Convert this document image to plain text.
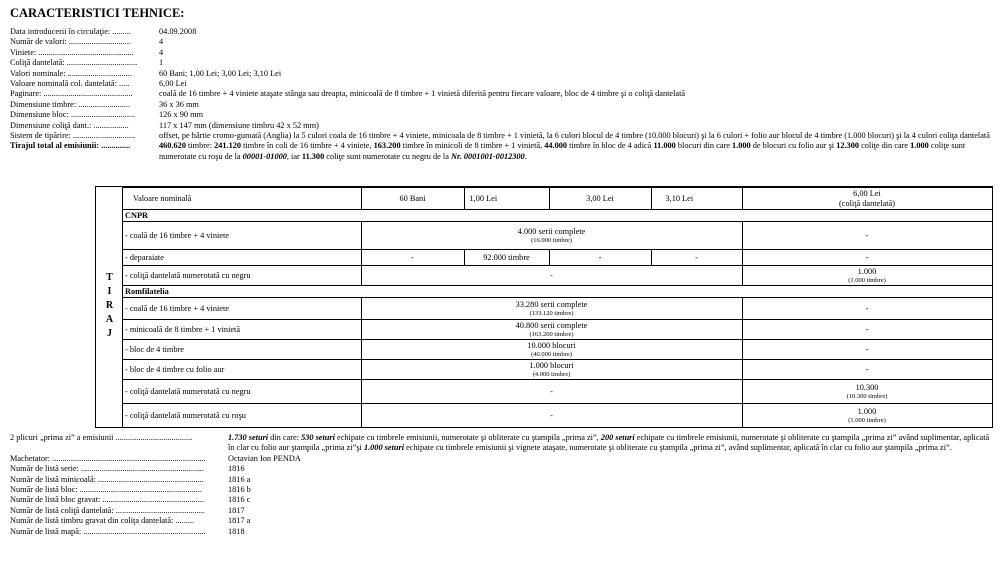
CARACTERISTICI TEHNICE:
Data introducerii în circulaţie: .........	04.09.2008
Număr de valori: ..............................	4
Viniete: ..............................................	4
Coliţă dantelată: ..................................	1
Valori nominale: ...............................	60 Bani; 1,00 Lei; 3,00 Lei; 3,10 Lei
Valoare nominală col. dantelată: .....	6,00 Lei
Paginare: ...........................................	coală de 16 timbre + 4 viniete ataşate stânga sau dreapta, minicoală de 8 timbre + 1 vinietă diferită pentru fiecare valoare, bloc de 4 timbre şi o coliţă dantelată
Dimensiune timbre: .........................	36 x 36 mm
Dimensiune bloc: ...............................	126 x 90 mm
Dimensiune coliţă dant.: .................	117 x 147 mm (dimensiune timbru 42 x 52 mm)
Sistem de tipărire: ..............................	offset, pe hârtie cromo-gumată (Anglia) la 5 culori coala de 16 timbre + 4 viniete, minicoala de 8 timbre + 1 vinietă, la 6 culori blocul de 4 timbre (10.000 blocuri) şi la 6 culori + folio aur blocul de 4 timbre (1.000 blocuri) şi la 4 culori coliţa dantelată
Tirajul total al emisiunii: ..............	460.620 timbre: 241.120 timbre în coli de 16 timbre + 4 viniete, 163.200 timbre în minicoli de 8 timbre + 1 vinietă, 44.000 timbre în bloc de 4 adică 11.000 blocuri din care 1.000 de blocuri cu folio aur şi 12.300 coliţe din care 1.000 coliţe sunt numerotate cu roşu de la 00001-01000, iar 11.300 coliţe sunt numerotate cu negru de la Nr. 0001001-0012300.
T
I
R
A
J
Valoare nominală	60 Bani	1,00 Lei	3,00 Lei	3,10 Lei	6,00 Lei
(coliţă dantelată)
CNPR					
- coală de 16 timbre + 4 viniete	4.000 serii complete
(16.000 timbre)				-
- deparaiate	-	92.000 timbre	-	-	-
- coliţă dantelată numerotată cu negru	-				1.000
(1.000 timbre)

Romfilatelia					
- coală de 16 timbre + 4 viniete	33.280 serii complete
(133.120 timbre)				-
- minicoală de 8 timbre + 1 vinietă	40.800 serii complete
(163.200 timbre)				-
- bloc de 4 timbre	10.000 blocuri
(40.000 timbre)				-
- bloc de 4 timbre cu folio aur	1.000 blocuri
(4.000 timbre)				-
- coliţă dantelată numerotată cu negru	-				10.300
(10.300 timbre)

- coliţă dantelată numerotată cu roşu	-				1.000
(1.000 timbre)
2 plicuri „prima zi” a emisiunii .....................................	1.730 seturi din care: 530 seturi echipate cu timbrele emisiunii, numerotate şi obliterate cu ştampila „prima zi”, 200 seturi echipate cu timbrele emisiunii, numerotate şi obliterate cu ştampila „prima zi” având suplimentar, aplicată în clar cu folio aur ştampila „prima zi”şi 1.000 seturi echipate cu timbrele emisiunii şi vignete ataşate, numerotate şi obliterate cu ştampila „prima zi”, având suplimentar, aplicată în clar cu folio aur ştampila „prima zi”.
Machetator: ..........................................................................	Octavian Ion PENDA
Număr de listă serie: ...........................................................	1816
Număr de listă minicoală: ...................................................	1816 a
Număr de listă bloc: ...........................................................	1816 b
Număr de listă bloc gravat: .................................................	1816 c
Număr de listă coliţă dantelată: ...........................................	1817
Număr de listă timbru gravat din coliţa dantelată: .........	1817 a
Număr de listă mapă: ...........................................................	1818
